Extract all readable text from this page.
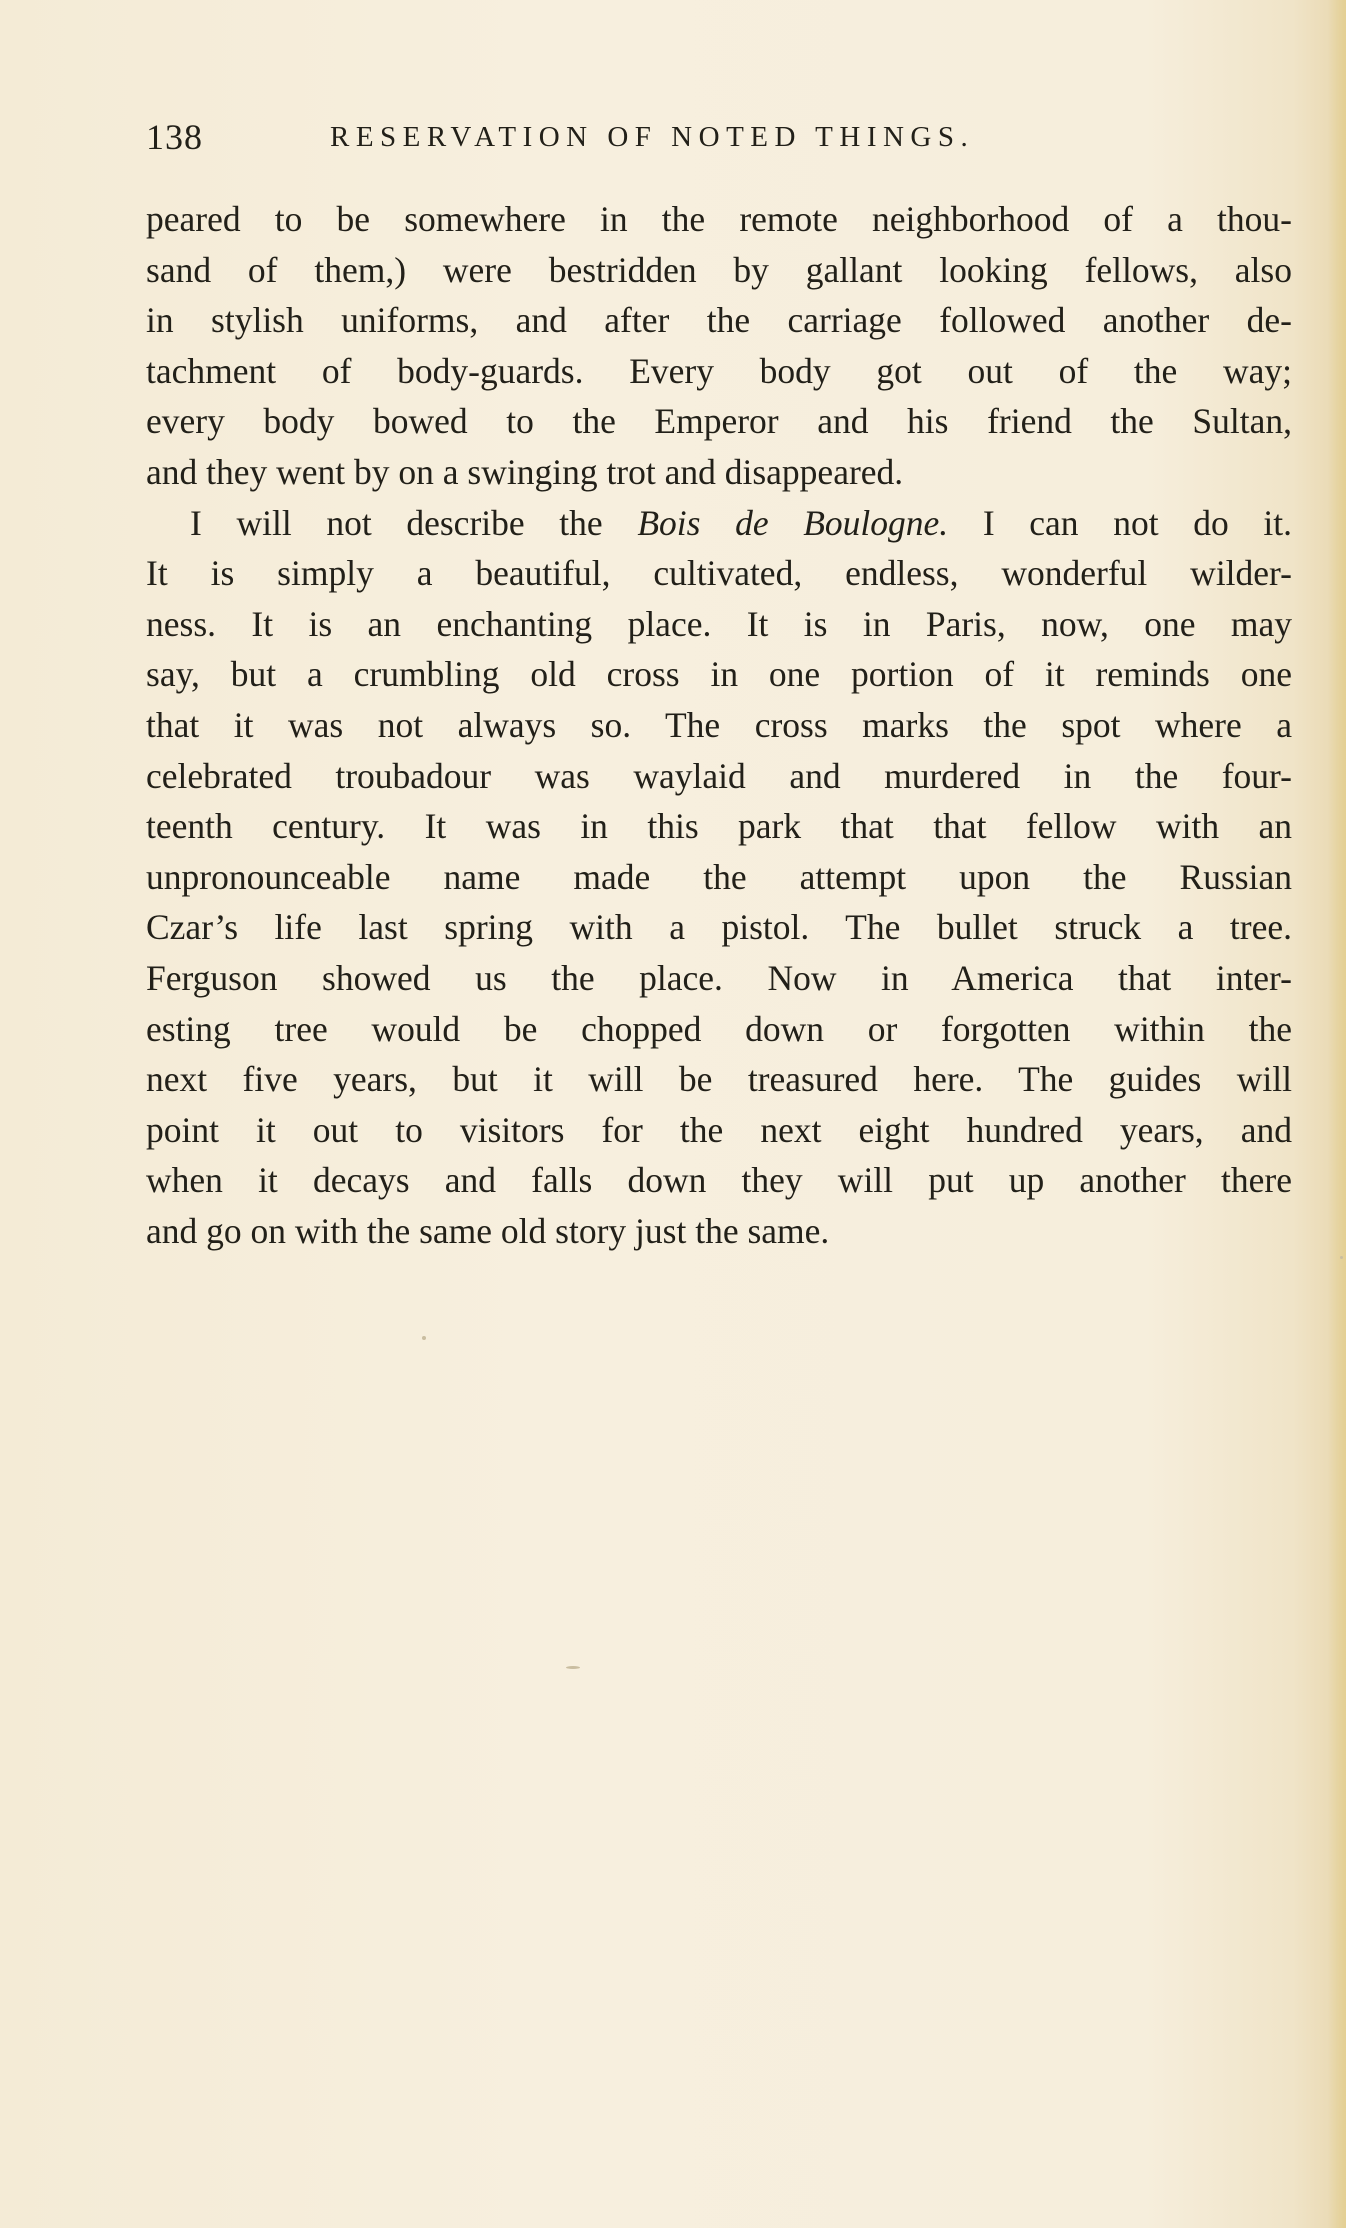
138	RESERVATION OF NOTED THINGS.
peared to be somewhere in the remote neighborhood of a thou-
sand of them,) were bestridden by gallant looking fellows, also
in stylish uniforms, and after the carriage followed another de-
tachment of body-guards. Every body got out of the way;
every body bowed to the Emperor and his friend the Sultan,
and they went by on a swinging trot and disappeared.
I will not describe the Bois de Boulogne. I can not do it.
It is simply a beautiful, cultivated, endless, wonderful wilder-
ness. It is an enchanting place. It is in Paris, now, one may
say, but a crumbling old cross in one portion of it reminds one
that it was not always so. The cross marks the spot where a
celebrated troubadour was waylaid and murdered in the four-
teenth century. It was in this park that that fellow with an
unpronounceable name made the attempt upon the Russian
Czar’s life last spring with a pistol. The bullet struck a tree.
Ferguson showed us the place. Now in America that inter-
esting tree would be chopped down or forgotten within the
next five years, but it will be treasured here. The guides will
point it out to visitors for the next eight hundred years, and
when it decays and falls down they will put up another there
and go on with the same old story just the same.
